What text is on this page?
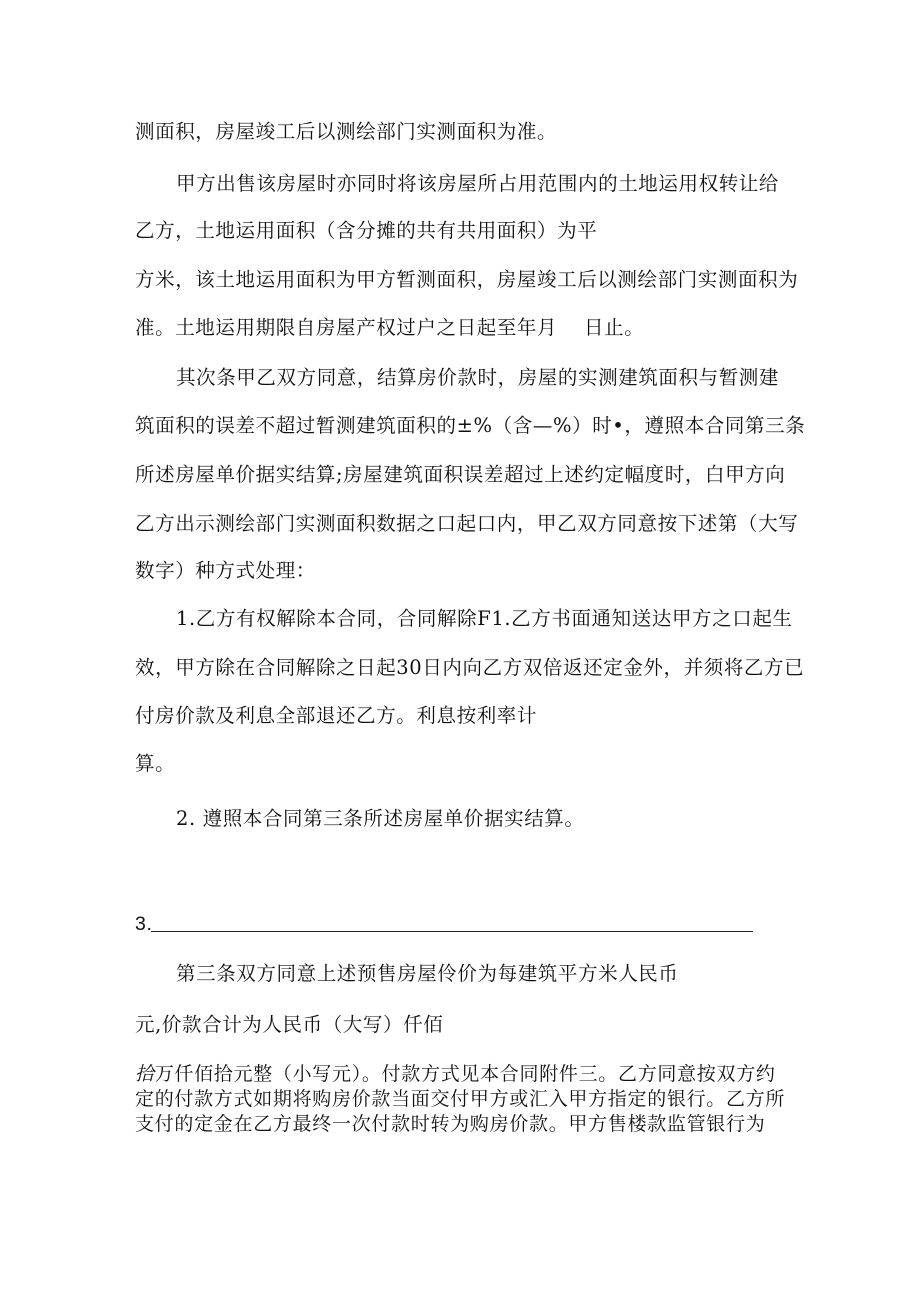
测面积，房屋竣工后以测绘部门实测面积为准。
甲方出售该房屋时亦同时将该房屋所占用范围内的土地运用权转让给
乙方，土地运用面积（含分摊的共有共用面积）为平
方米，该土地运用面积为甲方暂测面积，房屋竣工后以测绘部门实测面积为
准。土地运用期限自房屋产权过户之日起至年月　 日止。
其次条甲乙双方同意，结算房价款时，房屋的实测建筑面积与暂测建
筑面积的误差不超过暂测建筑面积的±%（含—%）时•，遵照本合同第三条
所述房屋单价据实结算;房屋建筑面积误差超过上述约定幅度时，白甲方向
乙方出示测绘部门实测面积数据之口起口内，甲乙双方同意按下述第（大写
数字）种方式处理：
1.乙方有权解除本合同，合同解除F1.乙方书面通知送达甲方之口起生
效，甲方除在合同解除之日起30日内向乙方双倍返还定金外，并须将乙方已
付房价款及利息全部退还乙方。利息按利率计
算。
2. 遵照本合同第三条所述房屋单价据实结算。
3.
第三条双方同意上述预售房屋伶价为每建筑平方米人民币
元,价款合计为人民币（大写）仟佰
拾万仟佰拾元整（小写元）。付款方式见本合同附件三。乙方同意按双方约
定的付款方式如期将购房价款当面交付甲方或汇入甲方指定的银行。乙方所
支付的定金在乙方最终一次付款时转为购房价款。甲方售楼款监管银行为
